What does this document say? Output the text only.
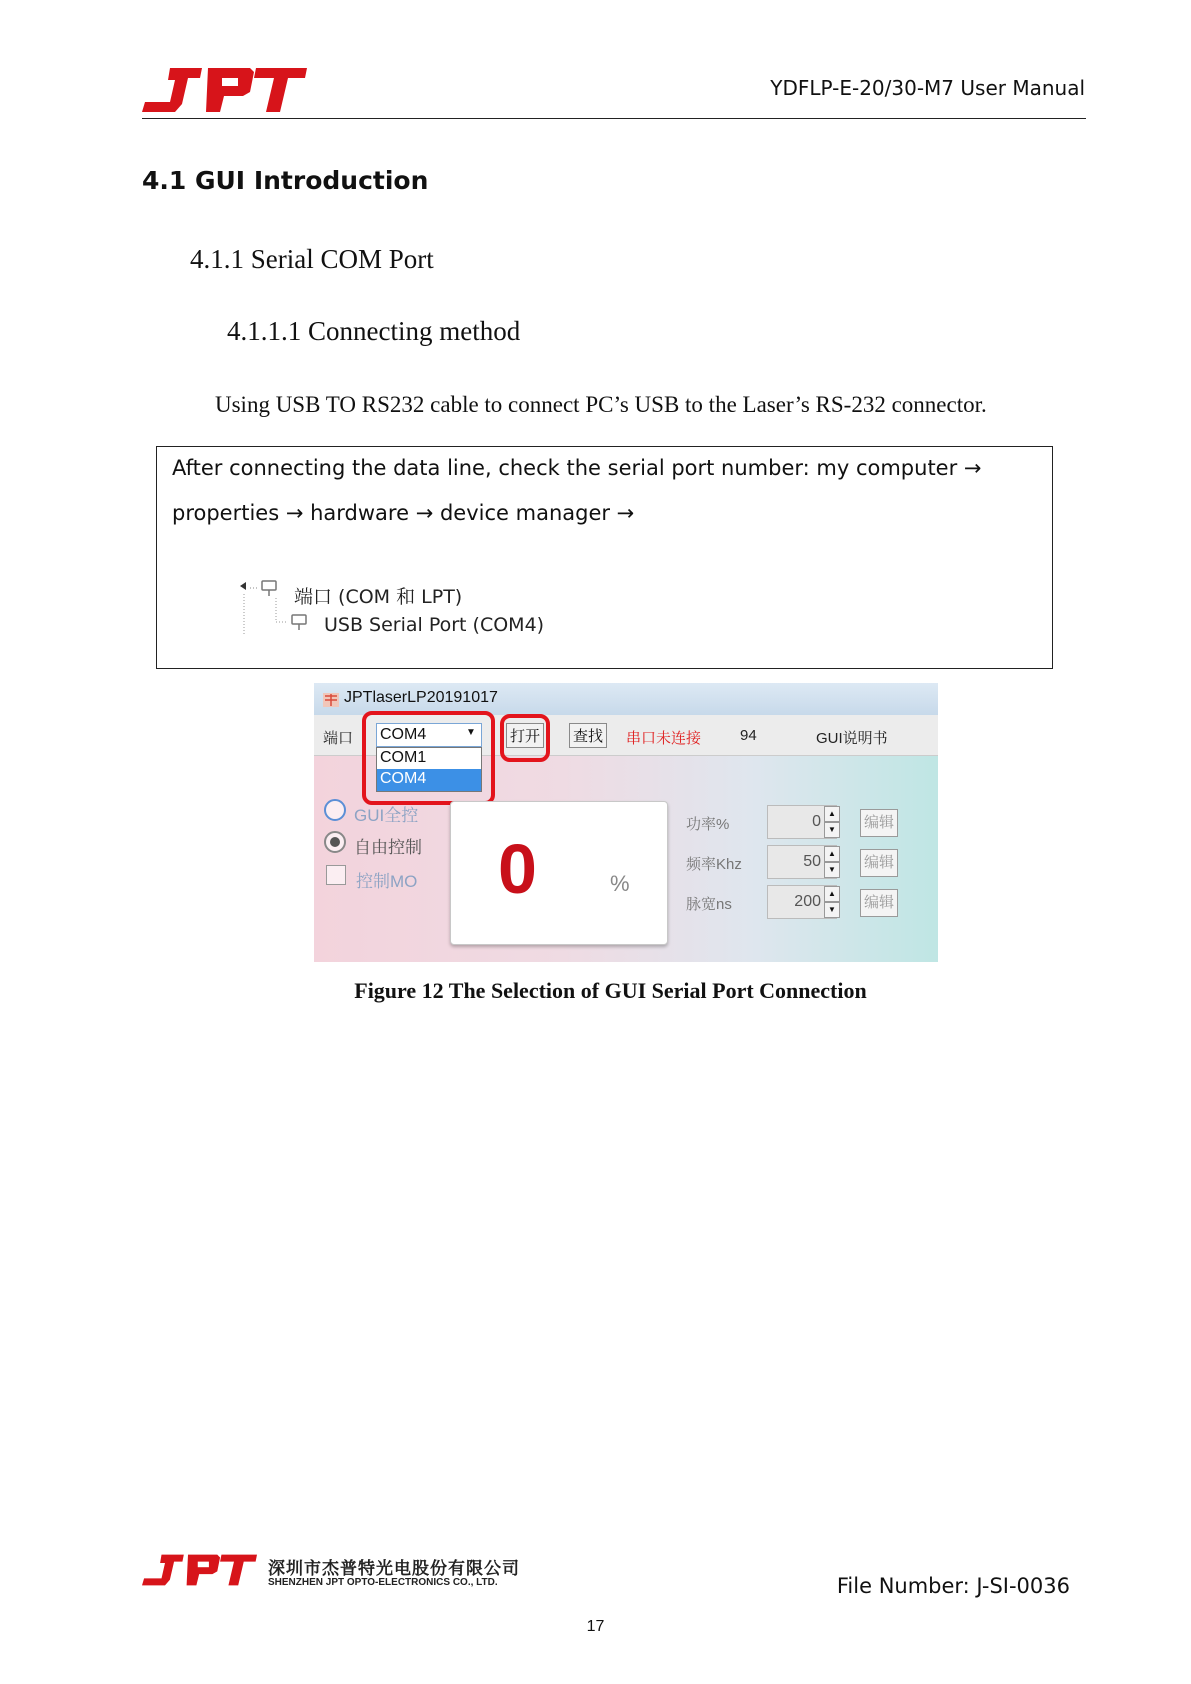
YDFLP-E-20/30-M7 User Manual
4.1 GUI Introduction
4.1.1 Serial COM Port
4.1.1.1 Connecting method
Using USB TO RS232 cable to connect PC’s USB to the Laser’s RS-232 connector.
After connecting the data line, check the serial port number: my computer →
properties → hardware → device manager →
端口 (COM 和 LPT)
USB Serial Port (COM4)
JPTlaserLP20191017
端口 COM4	▼
COM1
COM4
打开 查找 串口未连接	94	GUI说明书
GUI全控
自由控制
控制MO 0	%
功率%
频率Khz
脉宽ns
0
50
200
▲
▼
▲
▼
▲
▼
编辑
编辑
编辑
Figure 12 The Selection of GUI Serial Port Connection
深圳市杰普特光电股份有限公司
SHENZHEN JPT OPTO-ELECTRONICS CO., LTD.	File Number: J-SI-0036
17
